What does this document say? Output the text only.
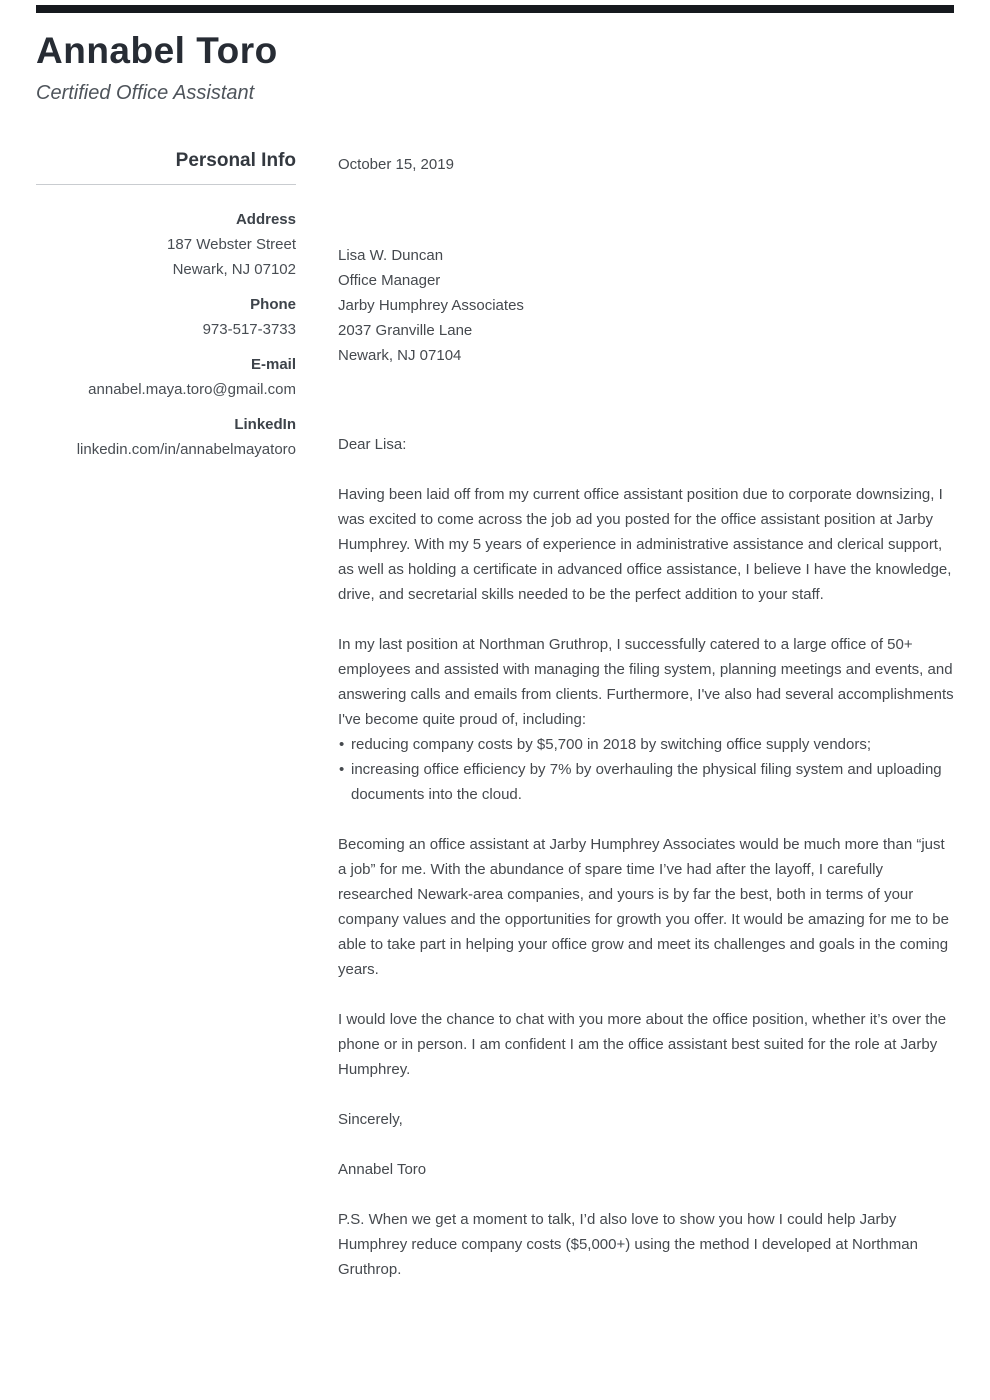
Annabel Toro
Certified Office Assistant
Personal Info
Address
187 Webster Street
Newark, NJ 07102
Phone
973-517-3733
E-mail
annabel.maya.toro@gmail.com
LinkedIn
linkedin.com/in/annabelmayatoro
October 15, 2019
Lisa W. Duncan
Office Manager
Jarby Humphrey Associates
2037 Granville Lane
Newark, NJ 07104

Dear Lisa:

Having been laid off from my current office assistant position due to corporate downsizing, I was excited to come across the job ad you posted for the office assistant position at Jarby Humphrey. With my 5 years of experience in administrative assistance and clerical support, as well as holding a certificate in advanced office assistance, I believe I have the knowledge, drive, and secretarial skills needed to be the perfect addition to your staff.

In my last position at Northman Gruthrop, I successfully catered to a large office of 50+ employees and assisted with managing the filing system, planning meetings and events, and answering calls and emails from clients. Furthermore, I've also had several accomplishments I've become quite proud of, including:

• reducing company costs by $5,700 in 2018 by switching office supply vendors;
• increasing office efficiency by 7% by overhauling the physical filing system and uploading documents into the cloud.

Becoming an office assistant at Jarby Humphrey Associates would be much more than “just a job” for me. With the abundance of spare time I’ve had after the layoff, I carefully researched Newark-area companies, and yours is by far the best, both in terms of your company values and the opportunities for growth you offer. It would be amazing for me to be able to take part in helping your office grow and meet its challenges and goals in the coming years.

I would love the chance to chat with you more about the office position, whether it’s over the phone or in person. I am confident I am the office assistant best suited for the role at Jarby Humphrey.

Sincerely,

Annabel Toro

P.S. When we get a moment to talk, I’d also love to show you how I could help Jarby Humphrey reduce company costs ($5,000+) using the method I developed at Northman Gruthrop.
